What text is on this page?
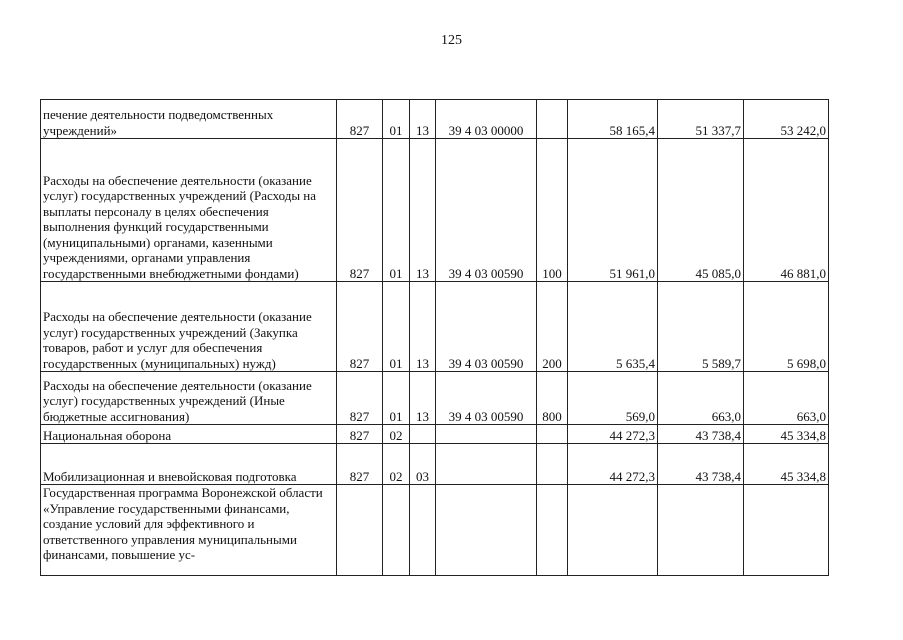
125
печение деятельности подведомственных учреждений»	827	01	13	39 4 03 00000		58 165,4	51 337,7	53 242,0

Расходы на обеспечение деятельности (оказание услуг) государственных учреждений (Расходы на выплаты персоналу в целях обеспечения выполнения функций государственными (муниципальными) органами, казенными учреждениями, органами управления государственными внебюджетными фондами)	827	01	13	39 4 03 00590	100	51 961,0	45 085,0	46 881,0

Расходы на обеспечение деятельности (оказание услуг) государственных учреждений (Закупка товаров, работ и услуг для обеспечения государственных (муниципальных) нужд)	827	01	13	39 4 03 00590	200	5 635,4	5 589,7	5 698,0

Расходы на обеспечение деятельности (оказание услуг) государственных учреждений (Иные бюджетные ассигнования)	827	01	13	39 4 03 00590	800	569,0	663,0	663,0

Национальная оборона	827	02				44 272,3	43 738,4	45 334,8

Мобилизационная и вневойсковая подготовка	827	02	03			44 272,3	43 738,4	45 334,8

Государственная программа Воронежской области «Управление государственными финансами, создание условий для эффективного и ответственного управления муниципальными финансами, повышение ус-								
